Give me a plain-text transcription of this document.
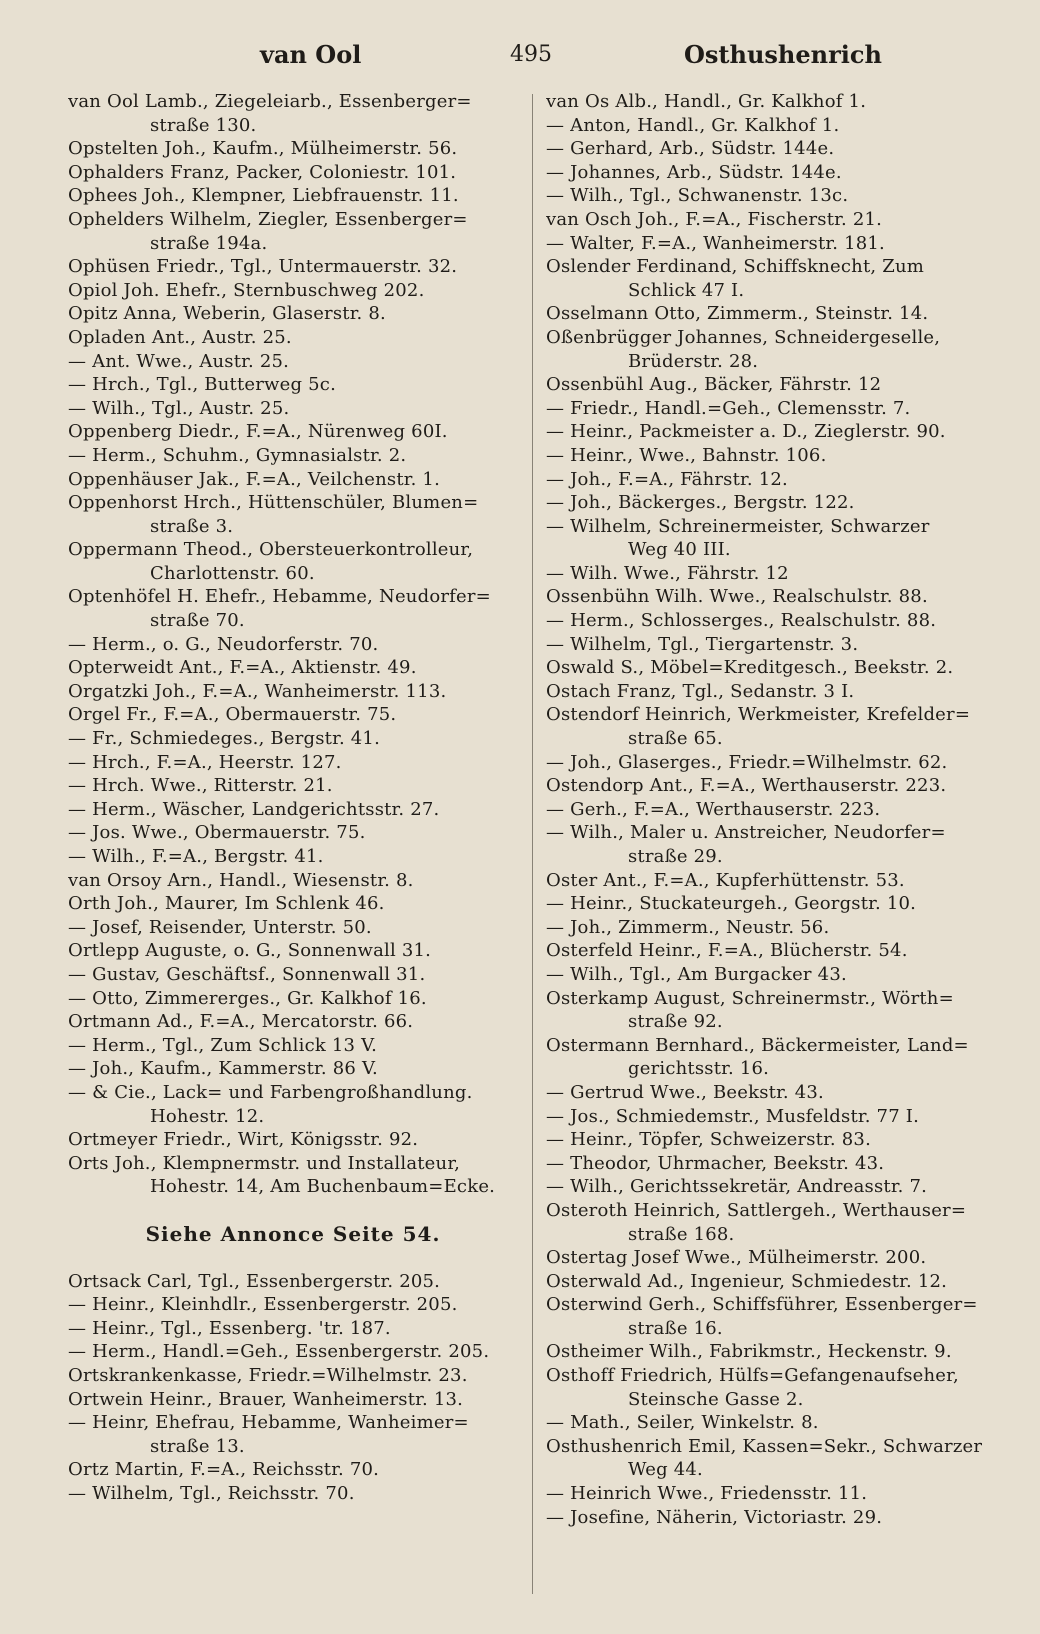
van Ool	495	Osthushenrich
van Ool Lamb., Ziegeleiarb., Essenberger=
straße 130.
Opstelten Joh., Kaufm., Mülheimerstr. 56.
Ophalders Franz, Packer, Coloniestr. 101.
Ophees Joh., Klempner, Liebfrauenstr. 11.
Ophelders Wilhelm, Ziegler, Essenberger=
straße 194a.
Ophüsen Friedr., Tgl., Untermauerstr. 32.
Opiol Joh. Ehefr., Sternbuschweg 202.
Opitz Anna, Weberin, Glaserstr. 8.
Opladen Ant., Austr. 25.
— Ant. Wwe., Austr. 25.
— Hrch., Tgl., Butterweg 5c.
— Wilh., Tgl., Austr. 25.
Oppenberg Diedr., F.=A., Nürenweg 60I.
— Herm., Schuhm., Gymnasialstr. 2.
Oppenhäuser Jak., F.=A., Veilchenstr. 1.
Oppenhorst Hrch., Hüttenschüler, Blumen=
straße 3.
Oppermann Theod., Obersteuerkontrolleur,
Charlottenstr. 60.
Optenhöfel H. Ehefr., Hebamme, Neudorfer=
straße 70.
— Herm., o. G., Neudorferstr. 70.
Opterweidt Ant., F.=A., Aktienstr. 49.
Orgatzki Joh., F.=A., Wanheimerstr. 113.
Orgel Fr., F.=A., Obermauerstr. 75.
— Fr., Schmiedeges., Bergstr. 41.
— Hrch., F.=A., Heerstr. 127.
— Hrch. Wwe., Ritterstr. 21.
— Herm., Wäscher, Landgerichtsstr. 27.
— Jos. Wwe., Obermauerstr. 75.
— Wilh., F.=A., Bergstr. 41.
van Orsoy Arn., Handl., Wiesenstr. 8.
Orth Joh., Maurer, Im Schlenk 46.
— Josef, Reisender, Unterstr. 50.
Ortlepp Auguste, o. G., Sonnenwall 31.
— Gustav, Geschäftsf., Sonnenwall 31.
— Otto, Zimmererges., Gr. Kalkhof 16.
Ortmann Ad., F.=A., Mercatorstr. 66.
— Herm., Tgl., Zum Schlick 13 V.
— Joh., Kaufm., Kammerstr. 86 V.
— & Cie., Lack= und Farbengroßhandlung.
Hohestr. 12.
Ortmeyer Friedr., Wirt, Königsstr. 92.
Orts Joh., Klempnermstr. und Installateur,
Hohestr. 14, Am Buchenbaum=Ecke.
Siehe Annonce Seite 54.
Ortsack Carl, Tgl., Essenbergerstr. 205.
— Heinr., Kleinhdlr., Essenbergerstr. 205.
— Heinr., Tgl., Essenberg. 'tr. 187.
— Herm., Handl.=Geh., Essenbergerstr. 205.
Ortskrankenkasse, Friedr.=Wilhelmstr. 23.
Ortwein Heinr., Brauer, Wanheimerstr. 13.
— Heinr, Ehefrau, Hebamme, Wanheimer=
straße 13.
Ortz Martin, F.=A., Reichsstr. 70.
— Wilhelm, Tgl., Reichsstr. 70.
van Os Alb., Handl., Gr. Kalkhof 1.
— Anton, Handl., Gr. Kalkhof 1.
— Gerhard, Arb., Südstr. 144e.
— Johannes, Arb., Südstr. 144e.
— Wilh., Tgl., Schwanenstr. 13c.
van Osch Joh., F.=A., Fischerstr. 21.
— Walter, F.=A., Wanheimerstr. 181.
Oslender Ferdinand, Schiffsknecht, Zum
Schlick 47 I.
Osselmann Otto, Zimmerm., Steinstr. 14.
Oßenbrügger Johannes, Schneidergeselle,
Brüderstr. 28.
Ossenbühl Aug., Bäcker, Fährstr. 12
— Friedr., Handl.=Geh., Clemensstr. 7.
— Heinr., Packmeister a. D., Zieglerstr. 90.
— Heinr., Wwe., Bahnstr. 106.
— Joh., F.=A., Fährstr. 12.
— Joh., Bäckerges., Bergstr. 122.
— Wilhelm, Schreinermeister, Schwarzer
Weg 40 III.
— Wilh. Wwe., Fährstr. 12
Ossenbühn Wilh. Wwe., Realschulstr. 88.
— Herm., Schlosserges., Realschulstr. 88.
— Wilhelm, Tgl., Tiergartenstr. 3.
Oswald S., Möbel=Kreditgesch., Beekstr. 2.
Ostach Franz, Tgl., Sedanstr. 3 I.
Ostendorf Heinrich, Werkmeister, Krefelder=
straße 65.
— Joh., Glaserges., Friedr.=Wilhelmstr. 62.
Ostendorp Ant., F.=A., Werthauserstr. 223.
— Gerh., F.=A., Werthauserstr. 223.
— Wilh., Maler u. Anstreicher, Neudorfer=
straße 29.
Oster Ant., F.=A., Kupferhüttenstr. 53.
— Heinr., Stuckateurgeh., Georgstr. 10.
— Joh., Zimmerm., Neustr. 56.
Osterfeld Heinr., F.=A., Blücherstr. 54.
— Wilh., Tgl., Am Burgacker 43.
Osterkamp August, Schreinermstr., Wörth=
straße 92.
Ostermann Bernhard., Bäckermeister, Land=
gerichtsstr. 16.
— Gertrud Wwe., Beekstr. 43.
— Jos., Schmiedemstr., Musfeldstr. 77 I.
— Heinr., Töpfer, Schweizerstr. 83.
— Theodor, Uhrmacher, Beekstr. 43.
— Wilh., Gerichtssekretär, Andreasstr. 7.
Osteroth Heinrich, Sattlergeh., Werthauser=
straße 168.
Ostertag Josef Wwe., Mülheimerstr. 200.
Osterwald Ad., Ingenieur, Schmiedestr. 12.
Osterwind Gerh., Schiffsführer, Essenberger=
straße 16.
Ostheimer Wilh., Fabrikmstr., Heckenstr. 9.
Osthoff Friedrich, Hülfs=Gefangenaufseher,
Steinsche Gasse 2.
— Math., Seiler, Winkelstr. 8.
Osthushenrich Emil, Kassen=Sekr., Schwarzer
Weg 44.
— Heinrich Wwe., Friedensstr. 11.
— Josefine, Näherin, Victoriastr. 29.
